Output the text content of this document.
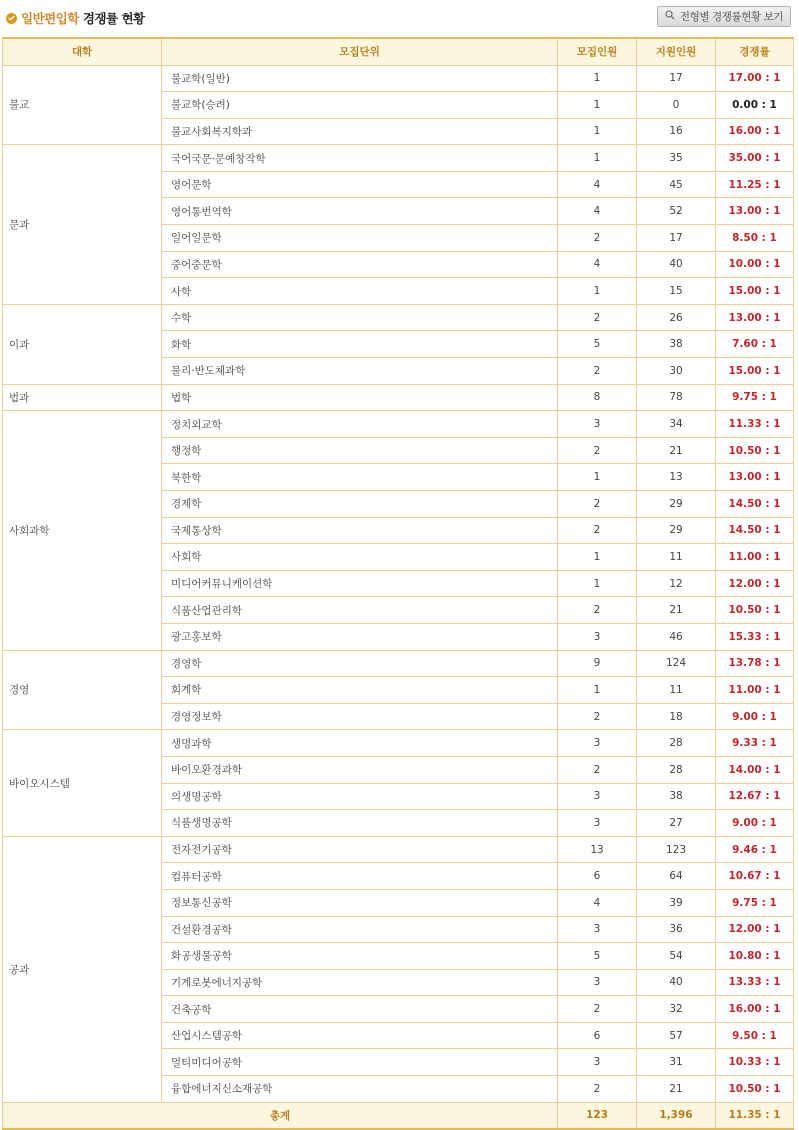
일반편입학 경쟁률 현황	전형별 경쟁률현황 보기
대학	모집단위	모집인원	지원인원	경쟁률
불교	불교학(일반)	1	17	17.00 : 1
	불교학(승려)	1	0	0.00 : 1
	불교사회복지학과	1	16	16.00 : 1
문과	국어국문·문예창작학	1	35	35.00 : 1
	영어문학	4	45	11.25 : 1
	영어통번역학	4	52	13.00 : 1
	일어일문학	2	17	8.50 : 1
	중어중문학	4	40	10.00 : 1
	사학	1	15	15.00 : 1
이과	수학	2	26	13.00 : 1
	화학	5	38	7.60 : 1
	물리·반도체과학	2	30	15.00 : 1
법과	법학	8	78	9.75 : 1
사회과학	정치외교학	3	34	11.33 : 1
	행정학	2	21	10.50 : 1
	북한학	1	13	13.00 : 1
	경제학	2	29	14.50 : 1
	국제통상학	2	29	14.50 : 1
	사회학	1	11	11.00 : 1
	미디어커뮤니케이션학	1	12	12.00 : 1
	식품산업관리학	2	21	10.50 : 1
	광고홍보학	3	46	15.33 : 1
경영	경영학	9	124	13.78 : 1
	회계학	1	11	11.00 : 1
	경영정보학	2	18	9.00 : 1
바이오시스템	생명과학	3	28	9.33 : 1
	바이오환경과학	2	28	14.00 : 1
	의생명공학	3	38	12.67 : 1
	식품생명공학	3	27	9.00 : 1
공과	전자전기공학	13	123	9.46 : 1
	컴퓨터공학	6	64	10.67 : 1
	정보통신공학	4	39	9.75 : 1
	건설환경공학	3	36	12.00 : 1
	화공생물공학	5	54	10.80 : 1
	기계로봇에너지공학	3	40	13.33 : 1
	건축공학	2	32	16.00 : 1
	산업시스템공학	6	57	9.50 : 1
	멀티미디어공학	3	31	10.33 : 1
	융합에너지신소재공학	2	21	10.50 : 1
총계		123	1,396	11.35 : 1
